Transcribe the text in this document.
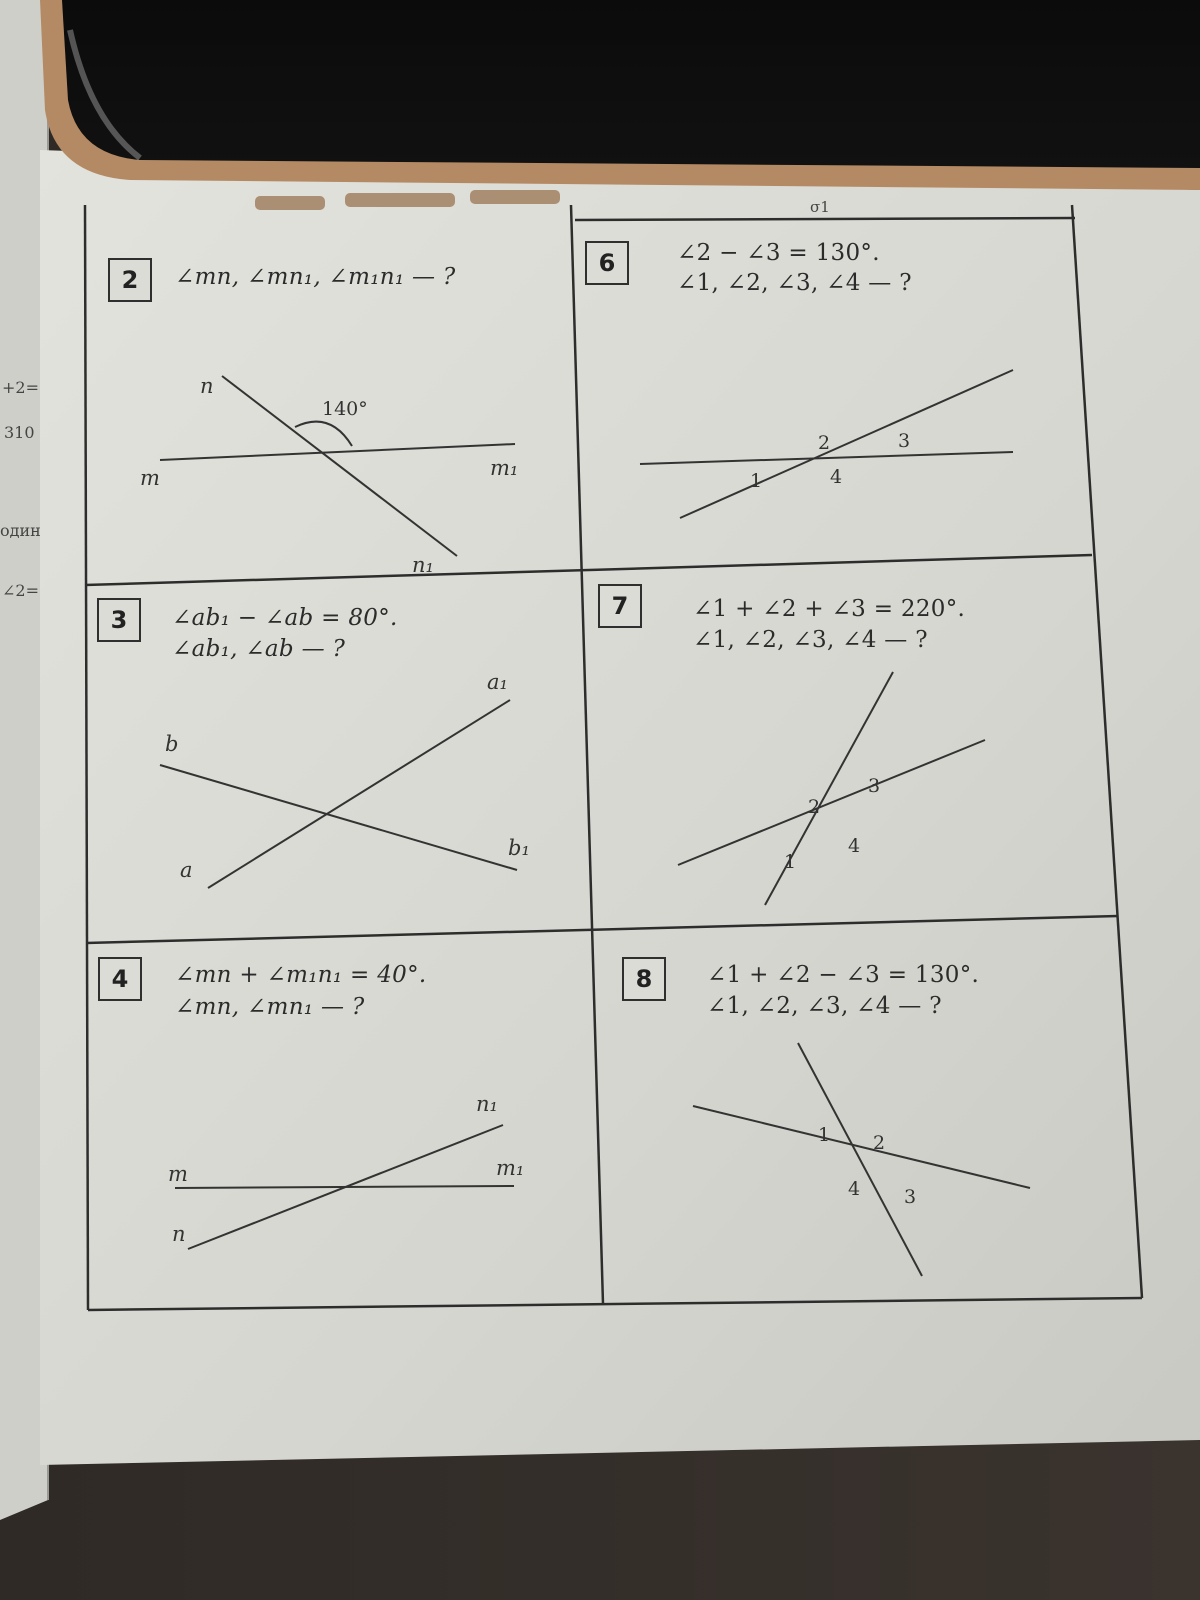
+2=
310
один
∠2=
σ1
2	∠mn, ∠mn₁, ∠m₁n₁ — ?
n
140°
m	m₁
n₁
3	∠ab₁ − ∠ab = 80°.
∠ab₁, ∠ab — ?
a₁
b
b₁
a
4	∠mn + ∠m₁n₁ = 40°.
∠mn, ∠mn₁ — ?
n₁
m	m₁
n
6	∠2 − ∠3 = 130°.
∠1, ∠2, ∠3, ∠4 — ?
2	3
1	4
7	∠1 + ∠2 + ∠3 = 220°.
∠1, ∠2, ∠3, ∠4 — ?
3
2
4
1
8	∠1 + ∠2 − ∠3 = 130°.
∠1, ∠2, ∠3, ∠4 — ?
1 2
4 3
